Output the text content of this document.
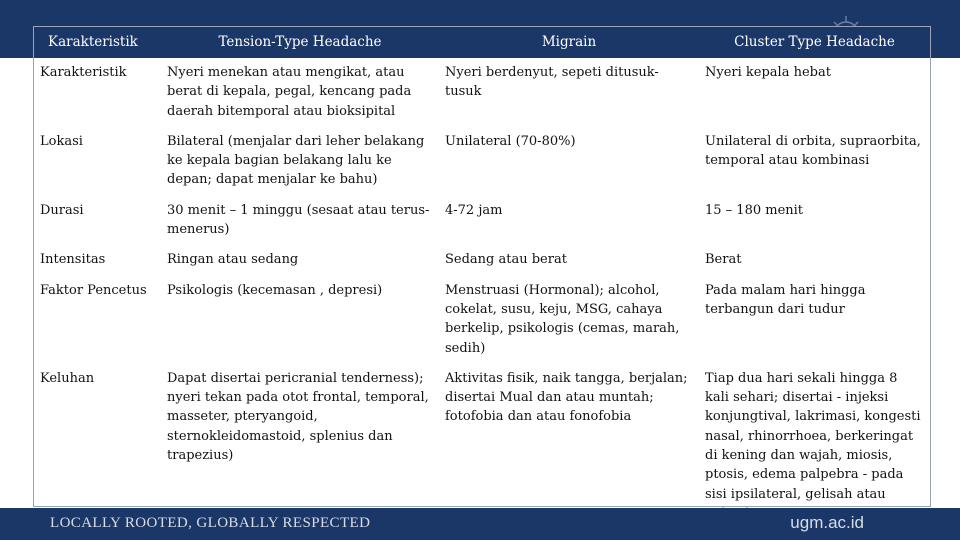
Karakteristik	Tension-Type Headache	Migrain	Cluster Type Headache
Karakteristik	Nyeri menekan atau mengikat, atau berat di kepala, pegal, kencang pada daerah bitemporal atau bioksipital	Nyeri berdenyut, sepeti ditusuk-tusuk	Nyeri kepala hebat
Lokasi	Bilateral (menjalar dari leher belakang ke kepala bagian belakang lalu ke depan; dapat menjalar ke bahu)	Unilateral (70-80%)	Unilateral di orbita, supraorbita, temporal atau kombinasi
Durasi	30 menit – 1 minggu (sesaat atau terus-menerus)	4-72 jam	15 – 180 menit
Intensitas	Ringan atau sedang	Sedang atau berat	Berat
Faktor Pencetus	Psikologis (kecemasan , depresi)	Menstruasi (Hormonal); alcohol, cokelat, susu, keju, MSG, cahaya berkelip, psikologis (cemas, marah, sedih)	Pada malam hari hingga terbangun dari tudur
Keluhan	Dapat disertai pericranial tenderness); nyeri tekan pada otot frontal, temporal, masseter, pteryangoid, sternokleidomastoid, splenius dan trapezius)	Aktivitas fisik, naik tangga, berjalan; disertai Mual dan atau muntah; fotofobia dan atau fonofobia	Tiap dua hari sekali hingga 8 kali sehari; disertai - injeksi konjungtival, lakrimasi, kongesti nasal, rhinorrhoea, berkeringat di kening dan wajah, miosis, ptosis, edema palpebra - pada sisi ipsilateral, gelisah atau
LOCALLY ROOTED, GLOBALLY RESPECTED	ugm.ac.id
